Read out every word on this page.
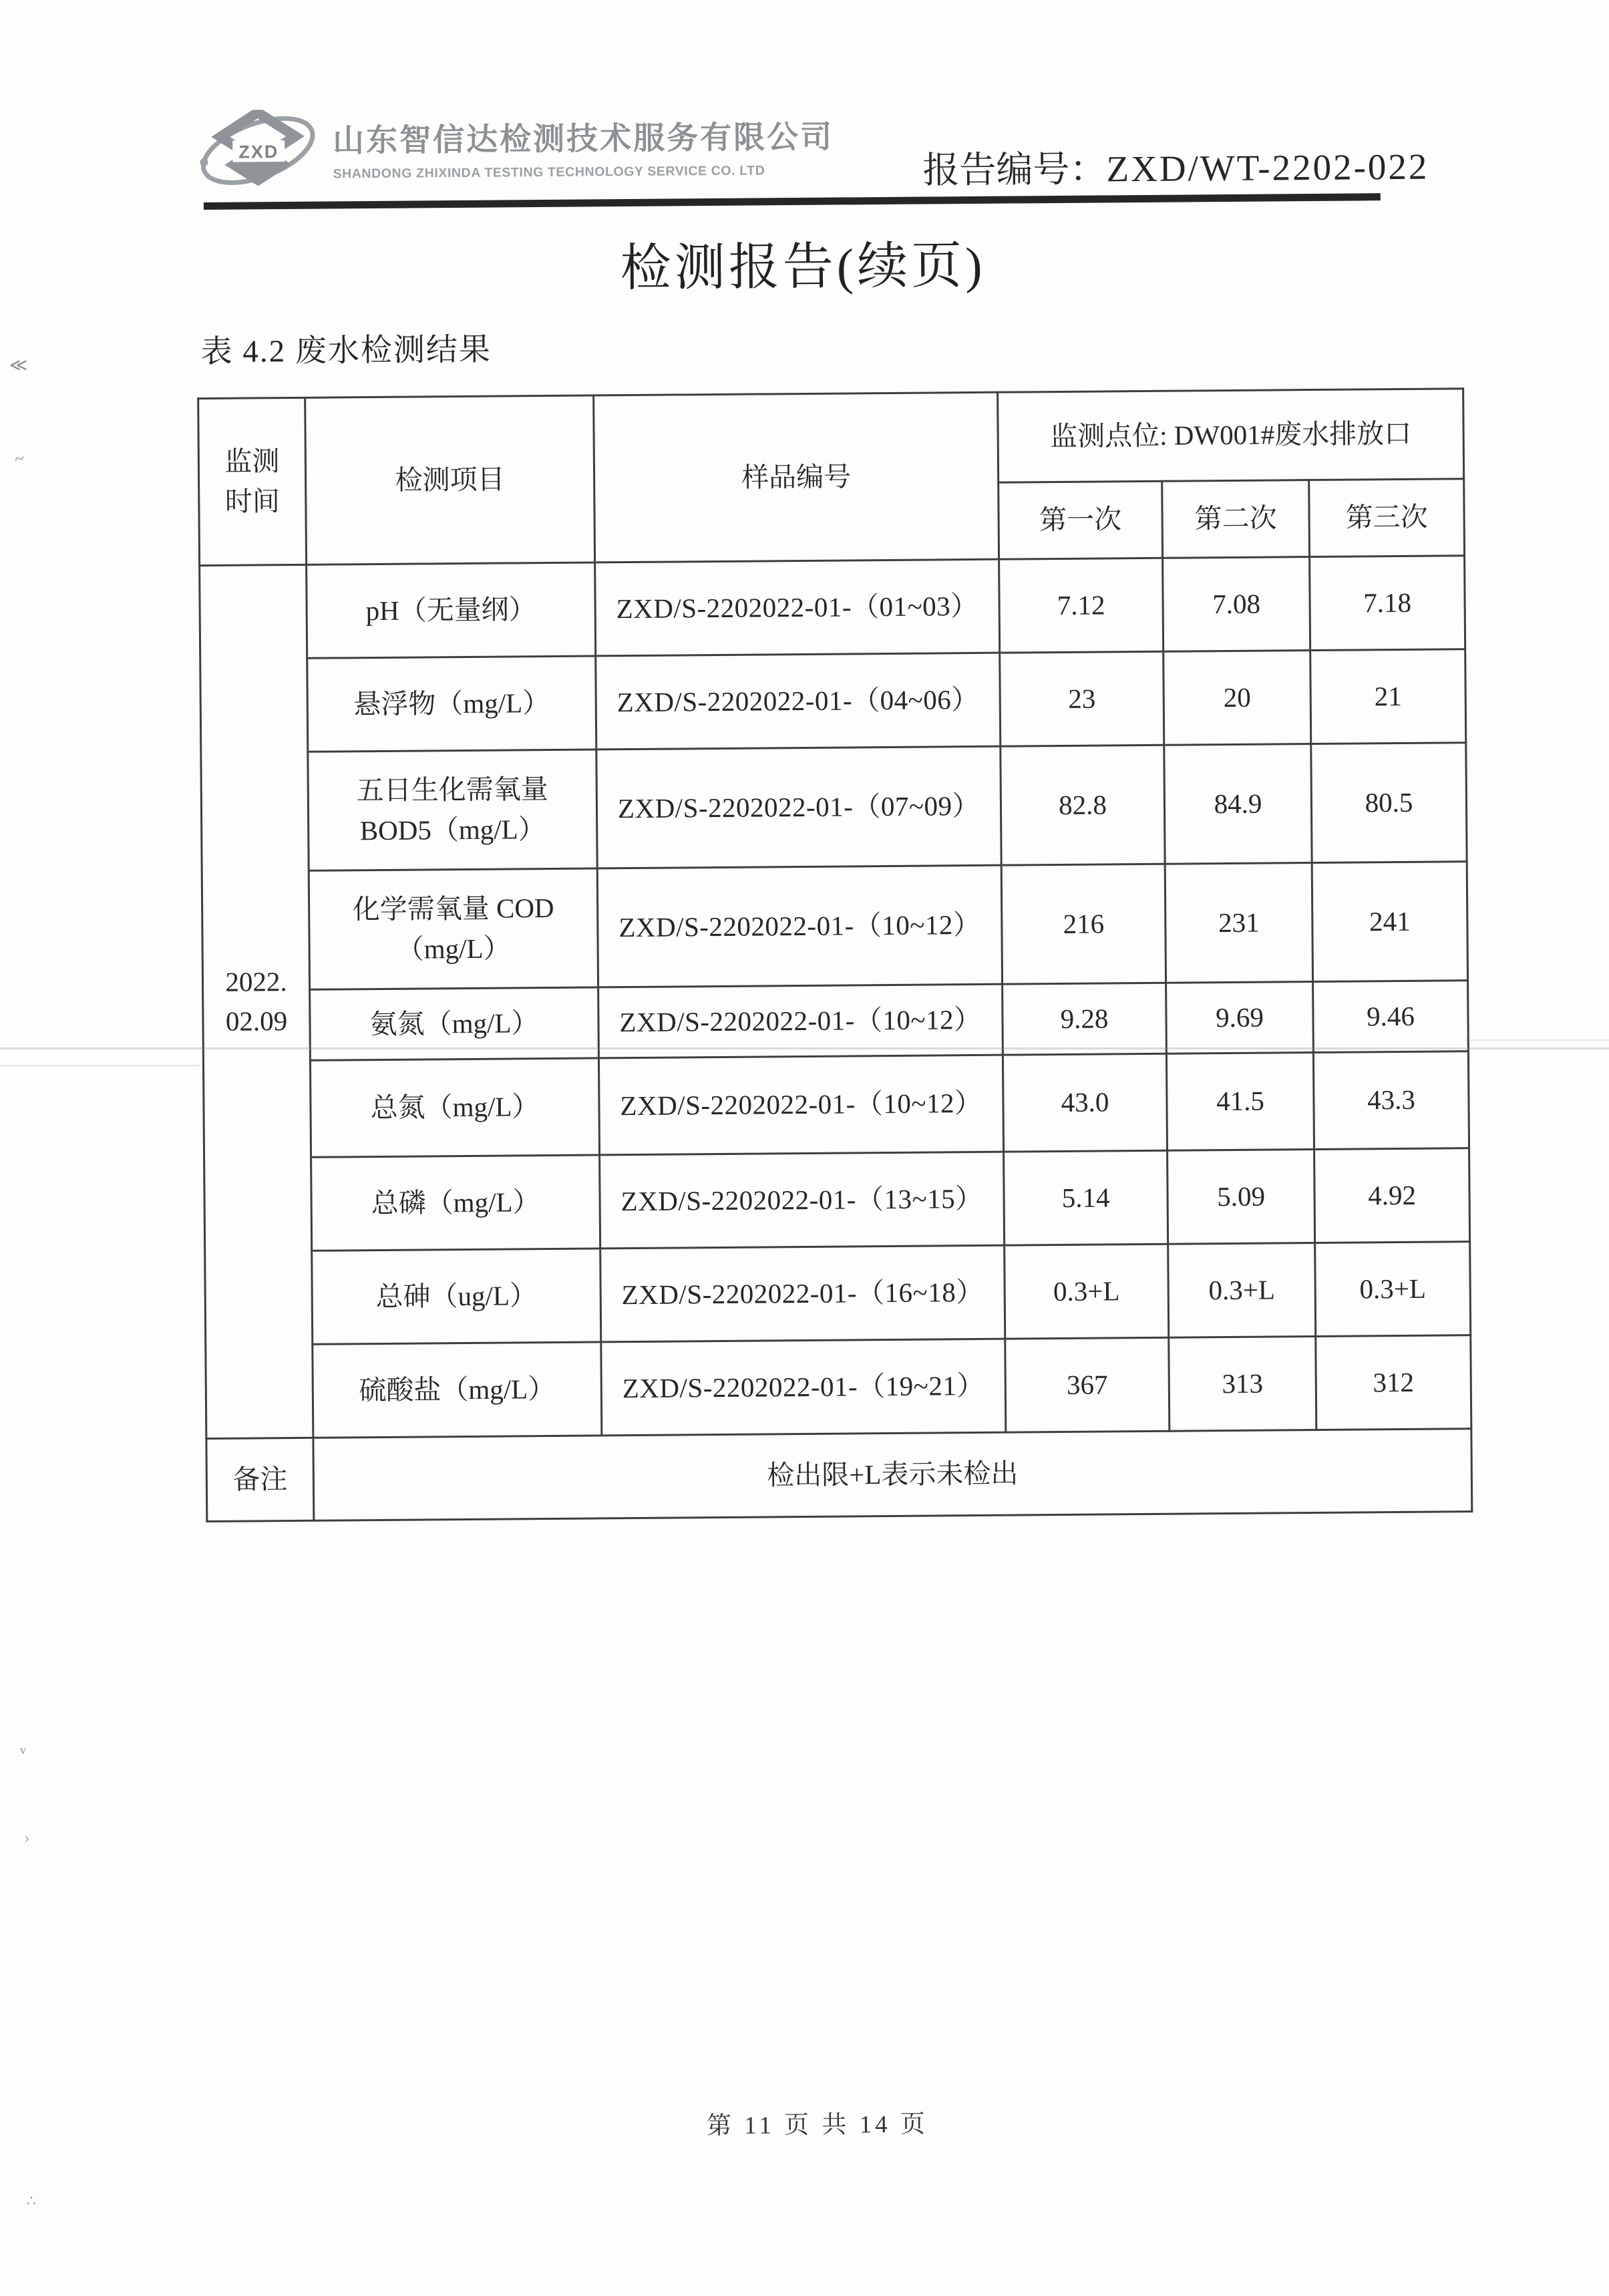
ZXD 山东智信达检测技术服务有限公司
SHANDONG ZHIXINDA TESTING TECHNOLOGY SERVICE CO. LTD	报告编号：ZXD/WT-2202-022
检测报告(续页)
表 4.2 废水检测结果
监测
时间	检测项目	样品编号	监测点位: DW001#废水排放口		
			第一次	第二次	第三次
2022.
02.09	pH（无量纲）	ZXD/S-2202022-01-（01~03）	7.12	7.08	7.18
	悬浮物（mg/L）	ZXD/S-2202022-01-（04~06）	23	20	21
	五日生化需氧量
BOD5（mg/L）	ZXD/S-2202022-01-（07~09）	82.8	84.9	80.5
	化学需氧量 COD
（mg/L）	ZXD/S-2202022-01-（10~12）	216	231	241
	氨氮（mg/L）	ZXD/S-2202022-01-（10~12）	9.28	9.69	9.46
	总氮（mg/L）	ZXD/S-2202022-01-（10~12）	43.0	41.5	43.3
	总磷（mg/L）	ZXD/S-2202022-01-（13~15）	5.14	5.09	4.92
	总砷（ug/L）	ZXD/S-2202022-01-（16~18）	0.3+L	0.3+L	0.3+L
	硫酸盐（mg/L）	ZXD/S-2202022-01-（19~21）	367	313	312
备注	检出限+L表示未检出				
第 11 页 共 14 页
≪
~
ᵛ
›
∴
